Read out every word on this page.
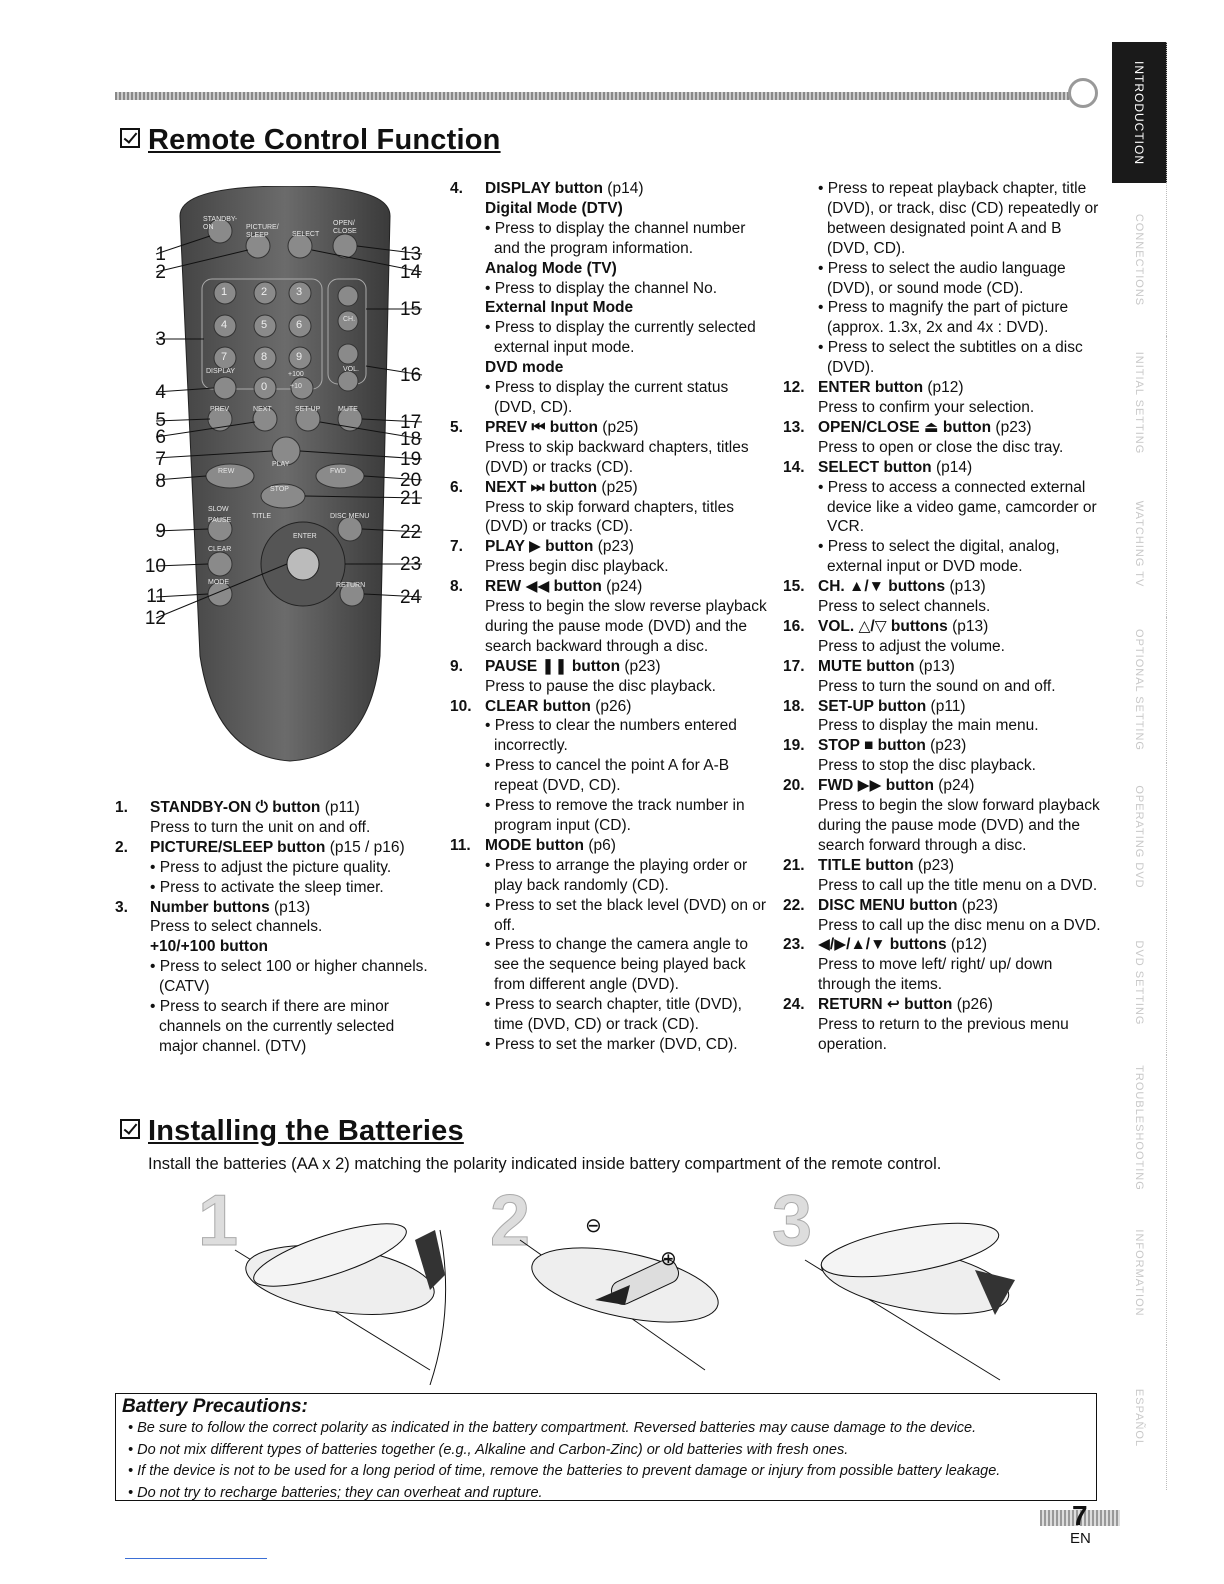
INTRODUCTION
CONNECTIONS
INITIAL SETTING
WATCHING TV
OPTIONAL SETTING
OPERATING DVD
DVD SETTING
TROUBLESHOOTING
INFORMATION
ESPAÑOL
Remote Control Function
STANDBY-ON	PICTURE/ SLEEP	SELECT
OPEN/ CLOSE
CH.
VOL.
DISPLAY	+100
+10
PREV	NEXT	SET-UP	MUTE
PLAY
REW	FWD
STOP
SLOW
PAUSE
TITLE	DISC MENU
CLEAR
MODE
ENTER
RETURN
1	2	3
4	5	6
7	8	9
0
1
2
3
4
5
6
7
8
9
10
11
12
13
14
15
16
17
18
19
20
21
22
23
24
1. STANDBY-ON ⏻ button (p11)
Press to turn the unit on and off.
2. PICTURE/SLEEP button (p15 / p16)
• Press to adjust the picture quality.
• Press to activate the sleep timer.
3. Number buttons (p13)
Press to select channels.
+10/+100 button
• Press to select 100 or higher channels. (CATV)
• Press to search if there are minor channels on the currently selected major channel. (DTV)
4. DISPLAY button (p14)
Digital Mode (DTV)
• Press to display the channel number and the program information.
Analog Mode (TV)
• Press to display the channel No.
External Input Mode
• Press to display the currently selected external input mode.
DVD mode
• Press to display the current status (DVD, CD).
5. PREV ⏮ button (p25)
Press to skip backward chapters, titles (DVD) or tracks (CD).
6. NEXT ⏭ button (p25)
Press to skip forward chapters, titles (DVD) or tracks (CD).
7. PLAY ▶ button (p23)
Press begin disc playback.
8. REW ◀◀ button (p24)
Press to begin the slow reverse playback during the pause mode (DVD) and the search backward through a disc.
9. PAUSE ❚❚ button (p23)
Press to pause the disc playback.
10. CLEAR button (p26)
• Press to clear the numbers entered incorrectly.
• Press to cancel the point A for A-B repeat (DVD, CD).
• Press to remove the track number in program input (CD).
11. MODE button (p6)
• Press to arrange the playing order or play back randomly (CD).
• Press to set the black level (DVD) on or off.
• Press to change the camera angle to see the sequence being played back from different angle (DVD).
• Press to search chapter, title (DVD), time (DVD, CD) or track (CD).
• Press to set the marker (DVD, CD).
• Press to repeat playback chapter, title (DVD), or track, disc (CD) repeatedly or between designated point A and B (DVD, CD).
• Press to select the audio language (DVD), or sound mode (CD).
• Press to magnify the part of picture (approx. 1.3x, 2x and 4x : DVD).
• Press to select the subtitles on a disc (DVD).
12. ENTER button (p12)
Press to confirm your selection.
13. OPEN/CLOSE ⏏ button (p23)
Press to open or close the disc tray.
14. SELECT button (p14)
• Press to access a connected external device like a video game, camcorder or VCR.
• Press to select the digital, analog, external input or DVD mode.
15. CH. ▲/▼ buttons (p13)
Press to select channels.
16. VOL. △/▽ buttons (p13)
Press to adjust the volume.
17. MUTE button (p13)
Press to turn the sound on and off.
18. SET-UP button (p11)
Press to display the main menu.
19. STOP ■ button (p23)
Press to stop the disc playback.
20. FWD ▶▶ button (p24)
Press to begin the slow forward playback during the pause mode (DVD) and the search forward through a disc.
21. TITLE button (p23)
Press to call up the title menu on a DVD.
22. DISC MENU button (p23)
Press to call up the disc menu on a DVD.
23. ◀/▶/▲/▼ buttons (p12)
Press to move left/ right/ up/ down through the items.
24. RETURN ↩ button (p26)
Press to return to the previous menu operation.
Installing the Batteries
Install the batteries (AA x 2) matching the polarity indicated inside battery compartment of the remote control.
1	2	3
⊖
⊕
Battery Precautions:
• Be sure to follow the correct polarity as indicated in the battery compartment. Reversed batteries may cause damage to the device.
• Do not mix different types of batteries together (e.g., Alkaline and Carbon-Zinc) or old batteries with fresh ones.
• If the device is not to be used for a long period of time, remove the batteries to prevent damage or injury from possible battery leakage.
• Do not try to recharge batteries; they can overheat and rupture.
7
EN
